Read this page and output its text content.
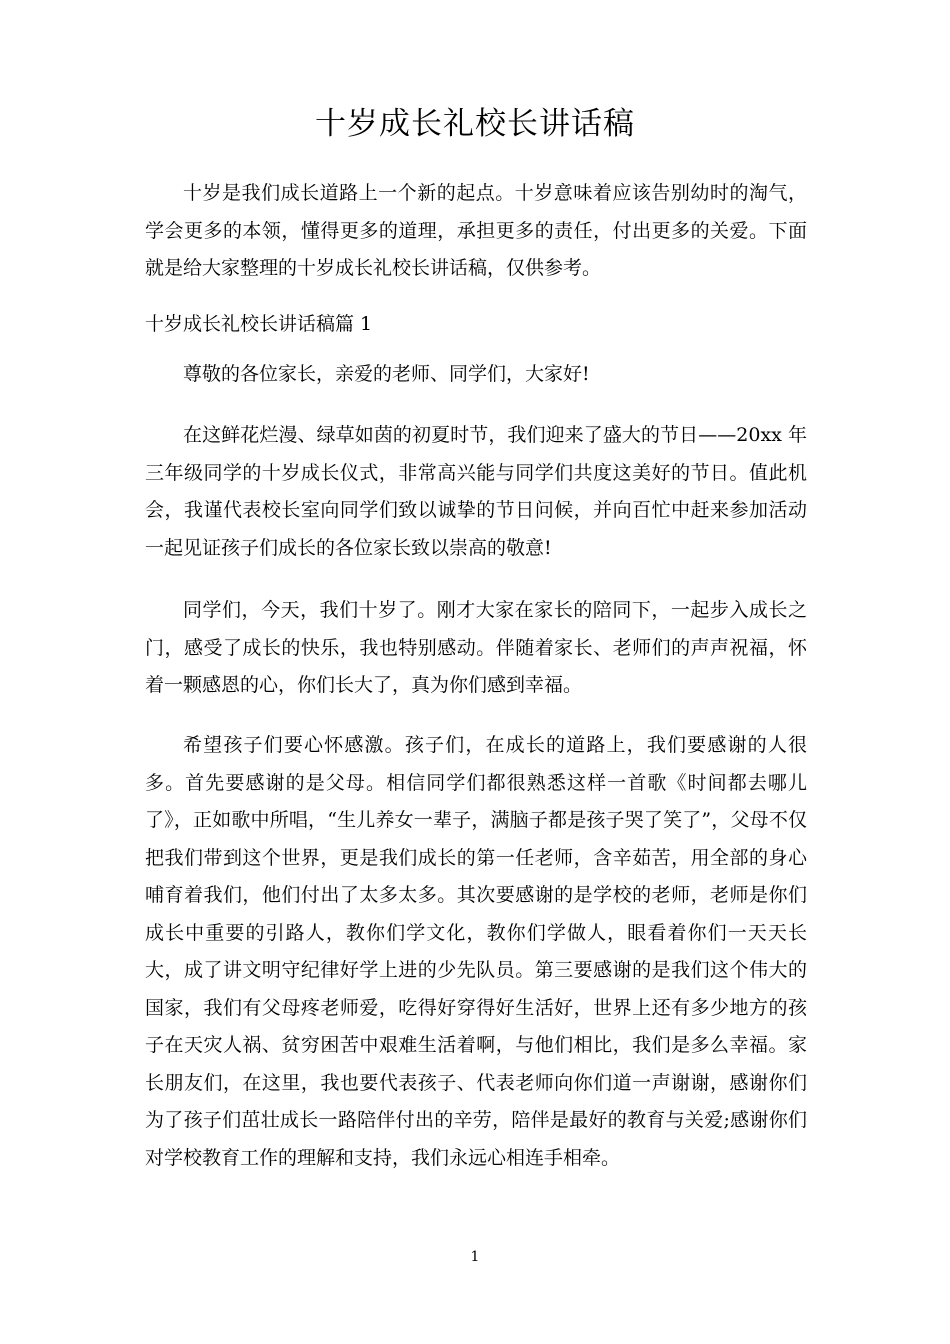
十岁成长礼校长讲话稿

十岁是我们成长道路上一个新的起点。十岁意味着应该告别幼时的淘气，学会更多的本领，懂得更多的道理，承担更多的责任，付出更多的关爱。下面就是给大家整理的十岁成长礼校长讲话稿，仅供参考。

十岁成长礼校长讲话稿篇 1

尊敬的各位家长，亲爱的老师、同学们，大家好!

在这鲜花烂漫、绿草如茵的初夏时节，我们迎来了盛大的节日——20xx 年三年级同学的十岁成长仪式，非常高兴能与同学们共度这美好的节日。值此机会，我谨代表校长室向同学们致以诚挚的节日问候，并向百忙中赶来参加活动一起见证孩子们成长的各位家长致以崇高的敬意!

同学们，今天，我们十岁了。刚才大家在家长的陪同下，一起步入成长之门，感受了成长的快乐，我也特别感动。伴随着家长、老师们的声声祝福，怀着一颗感恩的心，你们长大了，真为你们感到幸福。

希望孩子们要心怀感激。孩子们，在成长的道路上，我们要感谢的人很多。首先要感谢的是父母。相信同学们都很熟悉这样一首歌《时间都去哪儿了》，正如歌中所唱，“生儿养女一辈子，满脑子都是孩子哭了笑了”，父母不仅把我们带到这个世界，更是我们成长的第一任老师，含辛茹苦，用全部的身心哺育着我们，他们付出了太多太多。其次要感谢的是学校的老师，老师是你们成长中重要的引路人，教你们学文化，教你们学做人，眼看着你们一天天长大，成了讲文明守纪律好学上进的少先队员。第三要感谢的是我们这个伟大的国家，我们有父母疼老师爱，吃得好穿得好生活好，世界上还有多少地方的孩子在天灾人祸、贫穷困苦中艰难生活着啊，与他们相比，我们是多么幸福。家长朋友们，在这里，我也要代表孩子、代表老师向你们道一声谢谢，感谢你们为了孩子们茁壮成长一路陪伴付出的辛劳，陪伴是最好的教育与关爱;感谢你们对学校教育工作的理解和支持，我们永远心相连手相牵。

1
